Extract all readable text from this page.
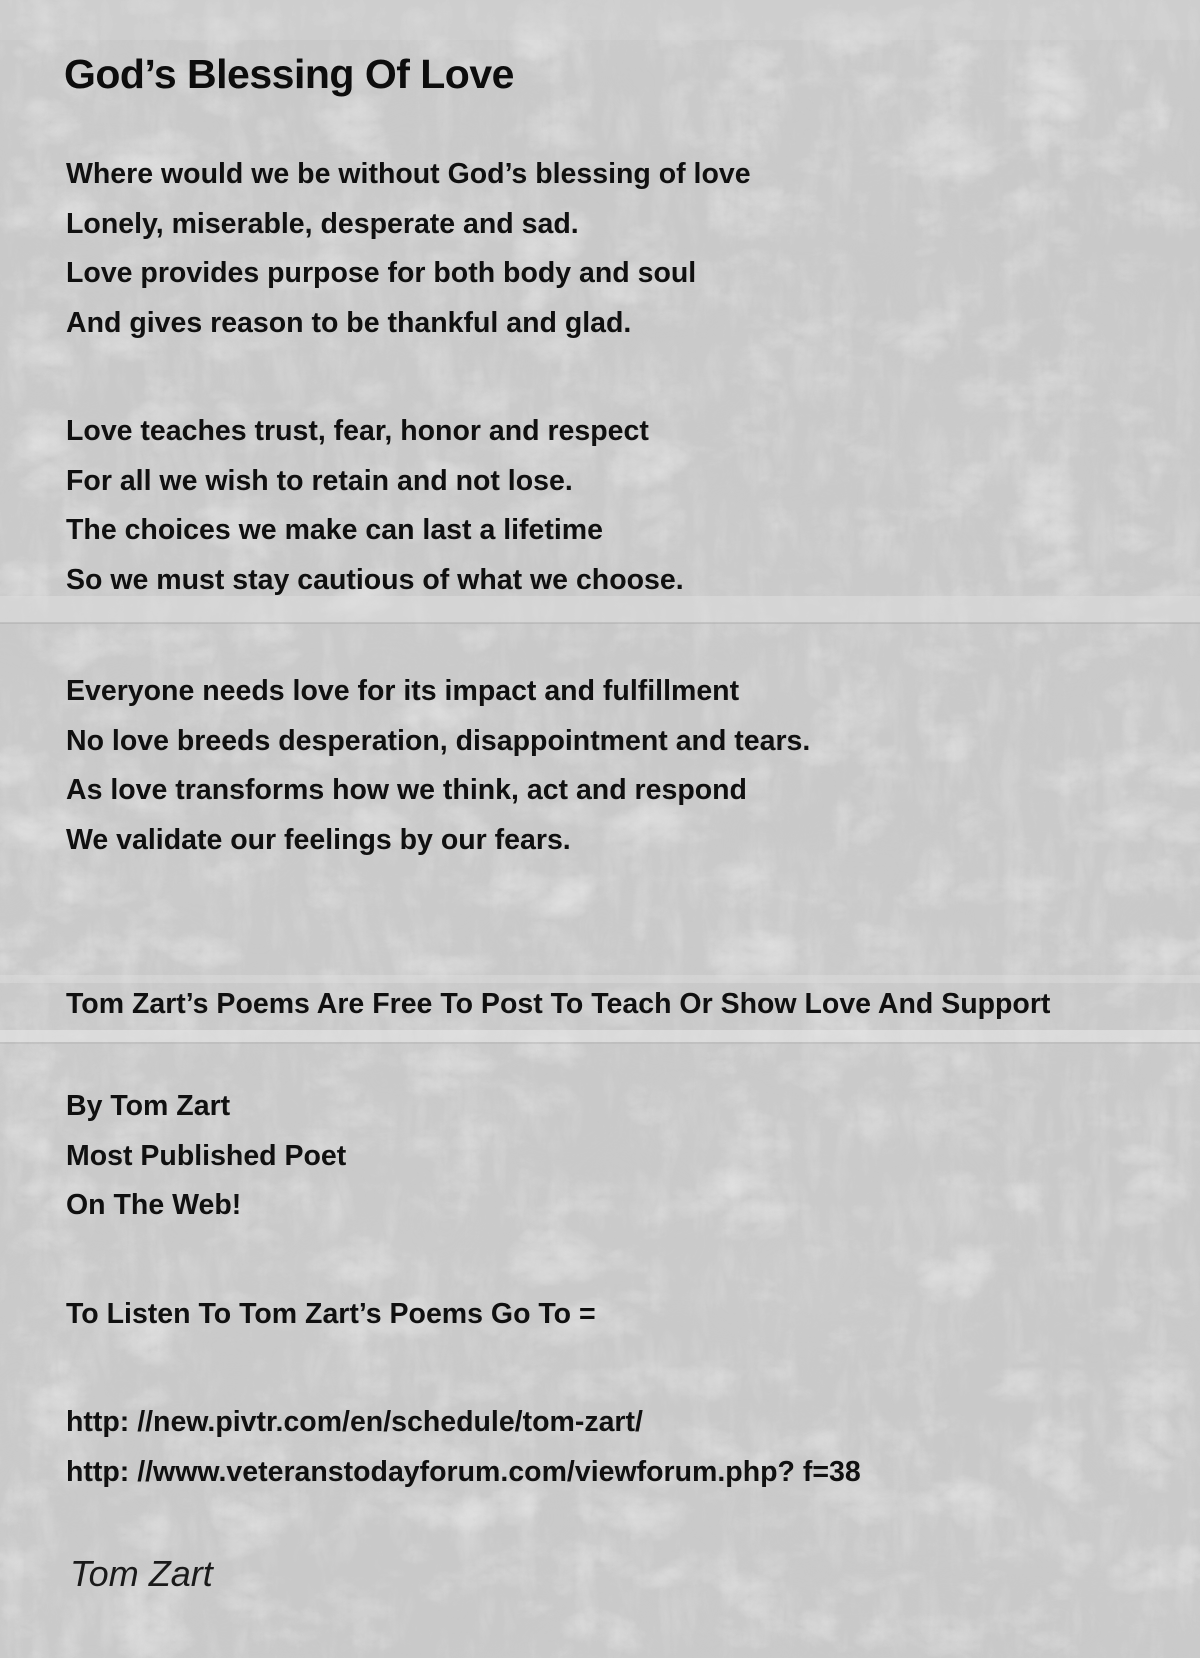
God’s Blessing Of Love

Where would we be without God’s blessing of love

Lonely, miserable, desperate and sad.

Love provides purpose for both body and soul

And gives reason to be thankful and glad.

Love teaches trust, fear, honor and respect

For all we wish to retain and not lose.

The choices we make can last a lifetime

So we must stay cautious of what we choose.

Everyone needs love for its impact and fulfillment

No love breeds desperation, disappointment and tears.

As love transforms how we think, act and respond

We validate our feelings by our fears.

Tom Zart’s Poems Are Free To Post To Teach Or Show Love And Support

By Tom Zart

Most Published Poet

On The Web!

To Listen To Tom Zart’s Poems Go To =

http: //new.pivtr.com/en/schedule/tom-zart/

http: //www.veteranstodayforum.com/viewforum.php? f=38

Tom Zart
